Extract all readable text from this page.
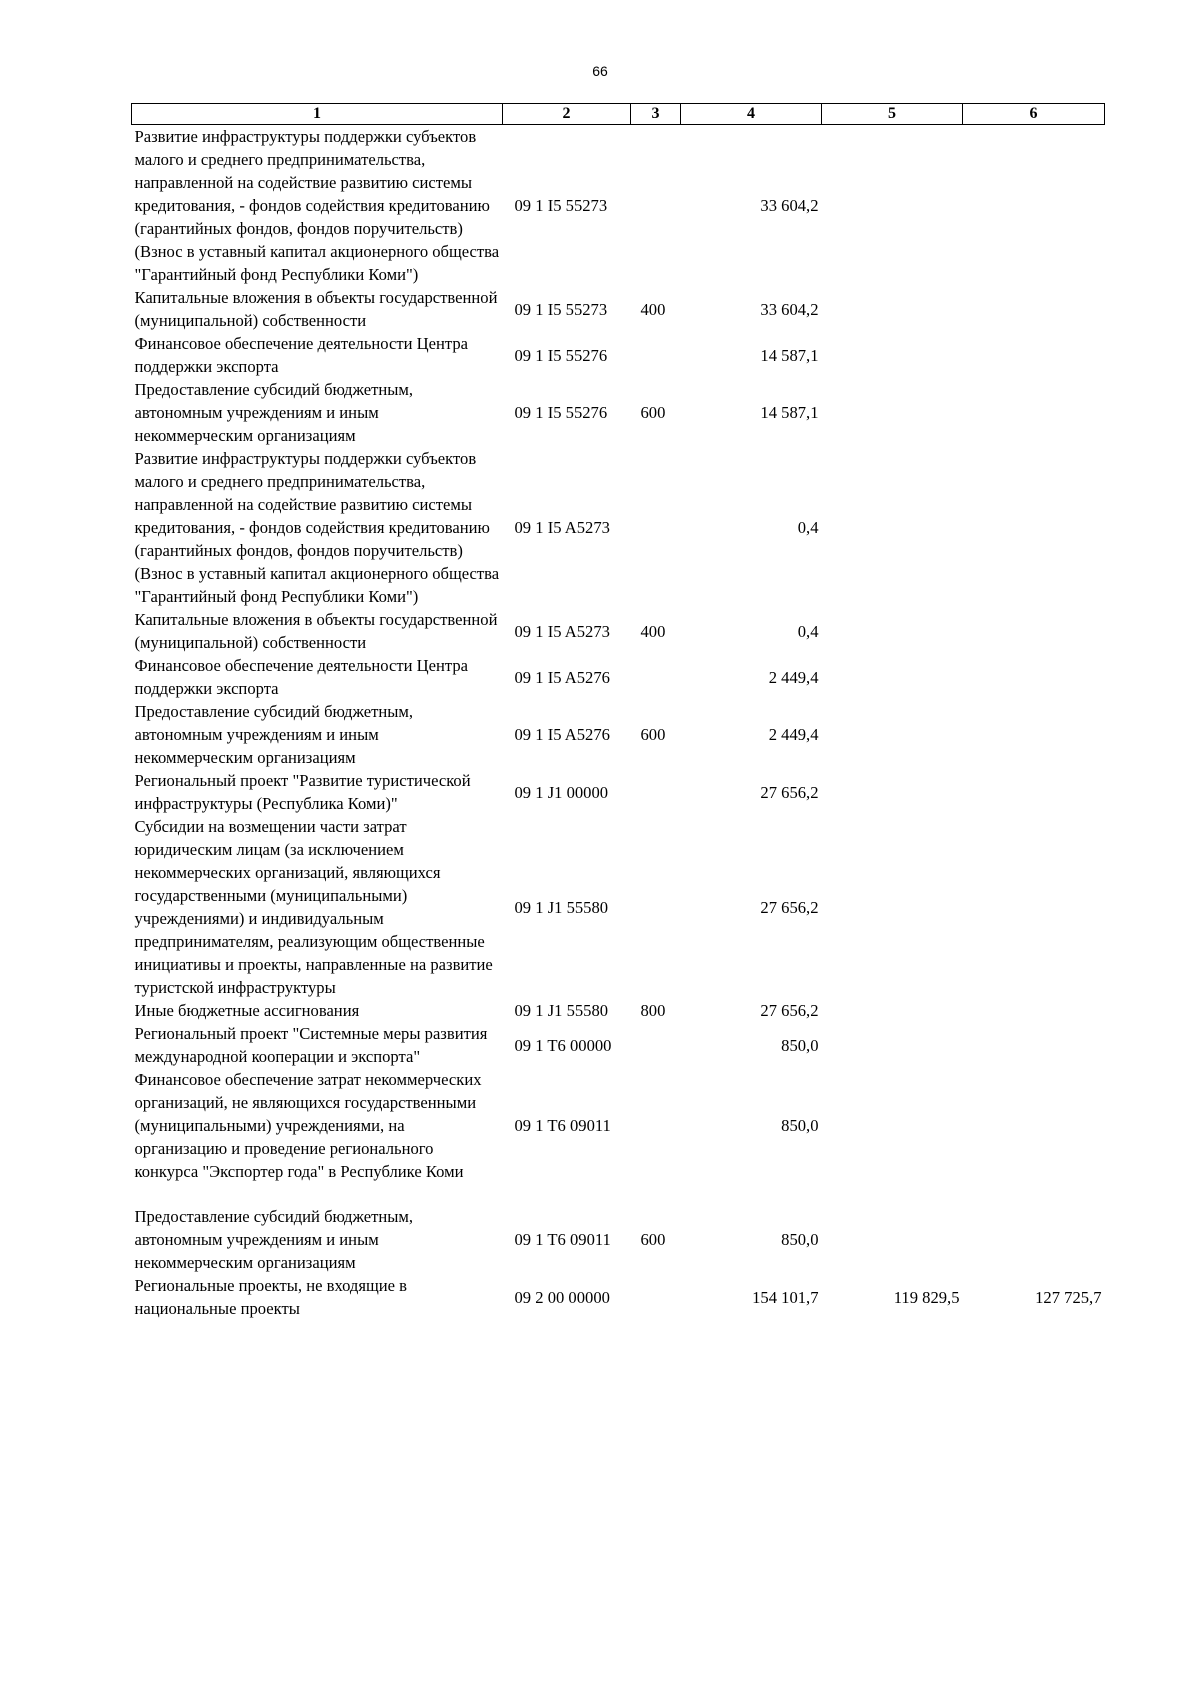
66
1	2	3	4	5	6
Развитие инфраструктуры поддержки субъектов малого и среднего предпринимательства, направленной на содействие развитию системы кредитования, - фондов содействия кредитованию (гарантийных фондов, фондов поручительств) (Взнос в уставный капитал акционерного общества "Гарантийный фонд Республики Коми")	09 1 I5 55273		33 604,2		
Капитальные вложения в объекты государственной (муниципальной) собственности	09 1 I5 55273	400	33 604,2		
Финансовое обеспечение деятельности Центра поддержки экспорта	09 1 I5 55276		14 587,1		
Предоставление субсидий бюджетным, автономным учреждениям и иным некоммерческим организациям	09 1 I5 55276	600	14 587,1		
Развитие инфраструктуры поддержки субъектов малого и среднего предпринимательства, направленной на содействие развитию системы кредитования, - фондов содействия кредитованию (гарантийных фондов, фондов поручительств) (Взнос в уставный капитал акционерного общества "Гарантийный фонд Республики Коми")	09 1 I5 A5273		0,4		
Капитальные вложения в объекты государственной (муниципальной) собственности	09 1 I5 A5273	400	0,4		
Финансовое обеспечение деятельности Центра поддержки экспорта	09 1 I5 A5276		2 449,4		
Предоставление субсидий бюджетным, автономным учреждениям и иным некоммерческим организациям	09 1 I5 A5276	600	2 449,4		
Региональный проект "Развитие туристической инфраструктуры (Республика Коми)"	09 1 J1 00000		27 656,2		
Субсидии на возмещении части затрат юридическим лицам (за исключением некоммерческих организаций, являющихся государственными (муниципальными) учреждениями) и индивидуальным предпринимателям, реализующим общественные инициативы и проекты, направленные на развитие туристской инфраструктуры	09 1 J1 55580		27 656,2		
Иные бюджетные ассигнования	09 1 J1 55580	800	27 656,2		
Региональный проект "Системные меры развития международной кооперации и экспорта"	09 1 T6 00000		850,0		
Финансовое обеспечение затрат некоммерческих организаций, не являющихся государственными (муниципальными) учреждениями, на организацию и проведение регионального конкурса "Экспортер года" в Республике Коми	09 1 T6 09011		850,0		

Предоставление субсидий бюджетным, автономным учреждениям и иным некоммерческим организациям	09 1 T6 09011	600	850,0		
Региональные проекты, не входящие в национальные проекты	09 2 00 00000		154 101,7	119 829,5	127 725,7
